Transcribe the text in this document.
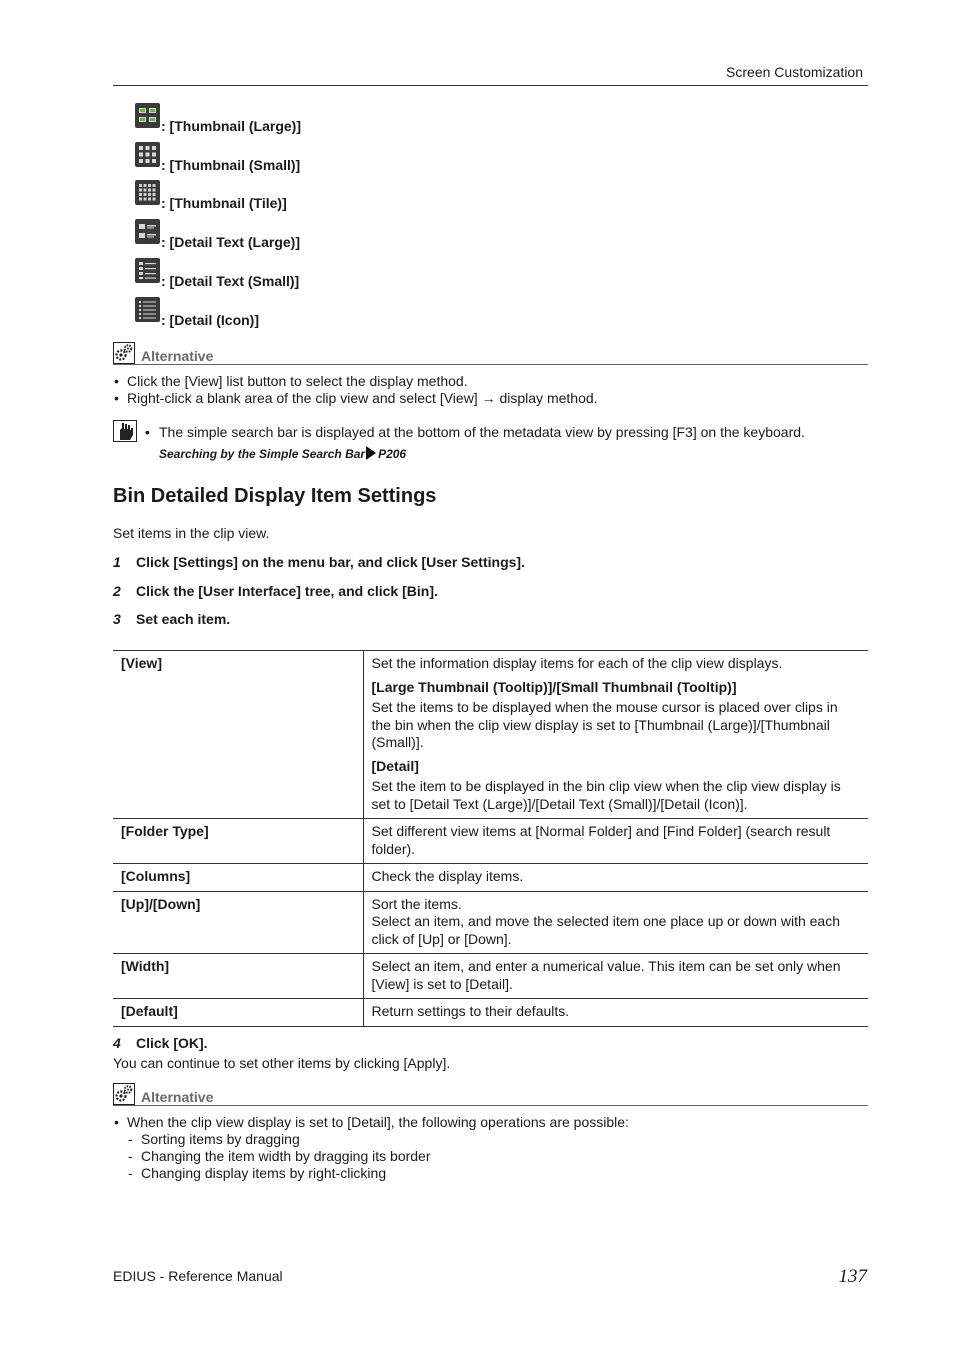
Screen Customization
: [Thumbnail (Large)]
: [Thumbnail (Small)]
: [Thumbnail (Tile)]
: [Detail Text (Large)]
: [Detail Text (Small)]
: [Detail (Icon)]
Alternative
• Click the [View] list button to select the display method.
• Right-click a blank area of the clip view and select [View] → display method.
• The simple search bar is displayed at the bottom of the metadata view by pressing [F3] on the keyboard.
Searching by the Simple Search Bar P206
Bin Detailed Display Item Settings
Set items in the clip view.
1 Click [Settings] on the menu bar, and click [User Settings].
2 Click the [User Interface] tree, and click [Bin].
3 Set each item.
[View]	Set the information display items for each of the clip view displays.
[Large Thumbnail (Tooltip)]/[Small Thumbnail (Tooltip)]
Set the items to be displayed when the mouse cursor is placed over clips in the bin when the clip view display is set to [Thumbnail (Large)]/[Thumbnail (Small)].
[Detail]
Set the item to be displayed in the bin clip view when the clip view display is set to [Detail Text (Large)]/[Detail Text (Small)]/[Detail (Icon)].

[Folder Type]	Set different view items at [Normal Folder] and [Find Folder] (search result folder).
[Columns]	Check the display items.
[Up]/[Down]	Sort the items.
Select an item, and move the selected item one place up or down with each click of [Up] or [Down].

[Width]	Select an item, and enter a numerical value. This item can be set only when [View] is set to [Detail].
[Default]	Return settings to their defaults.
4 Click [OK].
You can continue to set other items by clicking [Apply].
Alternative
• When the clip view display is set to [Detail], the following operations are possible:
- Sorting items by dragging
- Changing the item width by dragging its border
- Changing display items by right-clicking
EDIUS - Reference Manual	137
